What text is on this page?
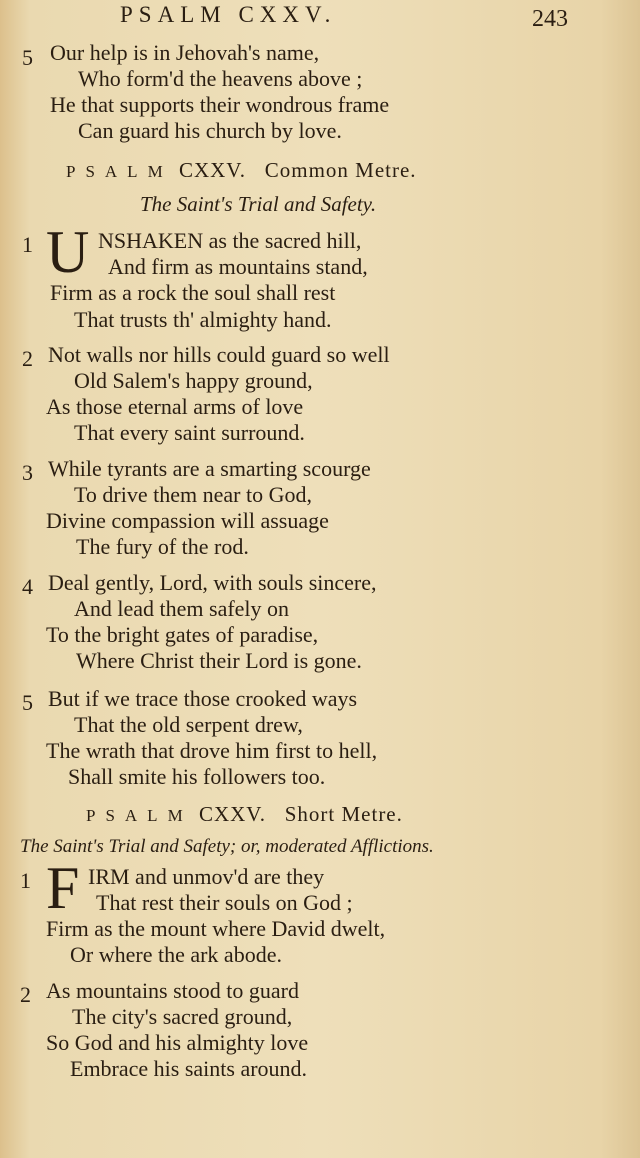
PSALM CXXV.	243
5 Our help is in Jehovah's name,
Who form'd the heavens above ;
He that supports their wondrous frame
Can guard his church by love.
PSALM CXXV. Common Metre.
The Saint's Trial and Safety.
1 U NSHAKEN as the sacred hill,
And firm as mountains stand,
Firm as a rock the soul shall rest
That trusts th' almighty hand.
2 Not walls nor hills could guard so well
Old Salem's happy ground,
As those eternal arms of love
That every saint surround.
3 While tyrants are a smarting scourge
To drive them near to God,
Divine compassion will assuage
The fury of the rod.
4 Deal gently, Lord, with souls sincere,
And lead them safely on
To the bright gates of paradise,
Where Christ their Lord is gone.
5 But if we trace those crooked ways
That the old serpent drew,
The wrath that drove him first to hell,
Shall smite his followers too.
PSALM CXXV. Short Metre.
The Saint's Trial and Safety; or, moderated Afflictions.
1 F IRM and unmov'd are they
That rest their souls on God ;
Firm as the mount where David dwelt,
Or where the ark abode.
2 As mountains stood to guard
The city's sacred ground,
So God and his almighty love
Embrace his saints around.
